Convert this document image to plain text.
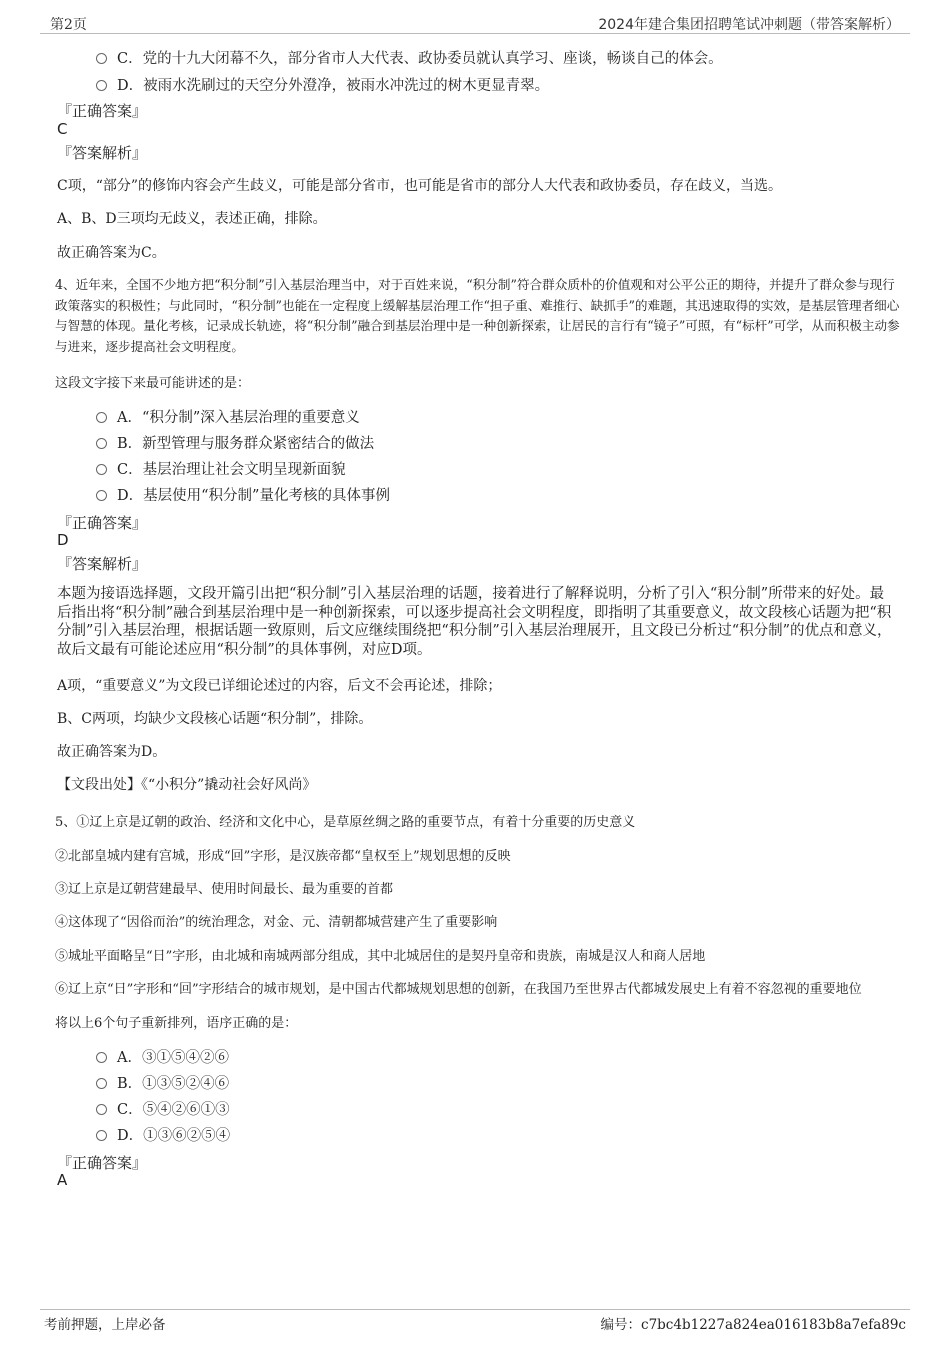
第2页	2024年建合集团招聘笔试冲刺题（带答案解析）
C．党的十九大闭幕不久，部分省市人大代表、政协委员就认真学习、座谈，畅谈自己的体会。
D．被雨水洗刷过的天空分外澄净，被雨水冲洗过的树木更显青翠。
『正确答案』
C
『答案解析』
C项，“部分”的修饰内容会产生歧义，可能是部分省市，也可能是省市的部分人大代表和政协委员，存在歧义，当选。
A、B、D三项均无歧义，表述正确，排除。
故正确答案为C。
4、近年来，全国不少地方把“积分制”引入基层治理当中，对于百姓来说，“积分制”符合群众质朴的价值观和对公平公正的期待，并提升了群众参与现行政策落实的积极性；与此同时，“积分制”也能在一定程度上缓解基层治理工作“担子重、难推行、缺抓手”的难题，其迅速取得的实效，是基层管理者细心与智慧的体现。量化考核，记录成长轨迹，将“积分制”融合到基层治理中是一种创新探索，让居民的言行有“镜子”可照，有“标杆”可学，从而积极主动参与进来，逐步提高社会文明程度。
这段文字接下来最可能讲述的是：
A．“积分制”深入基层治理的重要意义
B．新型管理与服务群众紧密结合的做法
C．基层治理让社会文明呈现新面貌
D．基层使用“积分制”量化考核的具体事例
『正确答案』
D
『答案解析』
本题为接语选择题，文段开篇引出把“积分制”引入基层治理的话题，接着进行了解释说明，分析了引入“积分制”所带来的好处。最后指出将“积分制”融合到基层治理中是一种创新探索，可以逐步提高社会文明程度，即指明了其重要意义，故文段核心话题为把“积分制”引入基层治理，根据话题一致原则，后文应继续围绕把“积分制”引入基层治理展开，且文段已分析过“积分制”的优点和意义，故后文最有可能论述应用“积分制”的具体事例，对应D项。
A项，“重要意义”为文段已详细论述过的内容，后文不会再论述，排除；
B、C两项，均缺少文段核心话题“积分制”，排除。
故正确答案为D。
【文段出处】《“小积分”撬动社会好风尚》
5、①辽上京是辽朝的政治、经济和文化中心，是草原丝绸之路的重要节点，有着十分重要的历史意义
②北部皇城内建有宫城，形成“回”字形，是汉族帝都“皇权至上”规划思想的反映
③辽上京是辽朝营建最早、使用时间最长、最为重要的首都
④这体现了“因俗而治”的统治理念，对金、元、清朝都城营建产生了重要影响
⑤城址平面略呈“日”字形，由北城和南城两部分组成，其中北城居住的是契丹皇帝和贵族，南城是汉人和商人居地
⑥辽上京“日”字形和“回”字形结合的城市规划，是中国古代都城规划思想的创新，在我国乃至世界古代都城发展史上有着不容忽视的重要地位
将以上6个句子重新排列，语序正确的是：
A．③①⑤④②⑥
B．①③⑤②④⑥
C．⑤④②⑥①③
D．①③⑥②⑤④
『正确答案』
A
考前押题，上岸必备	编号：c7bc4b1227a824ea016183b8a7efa89c
